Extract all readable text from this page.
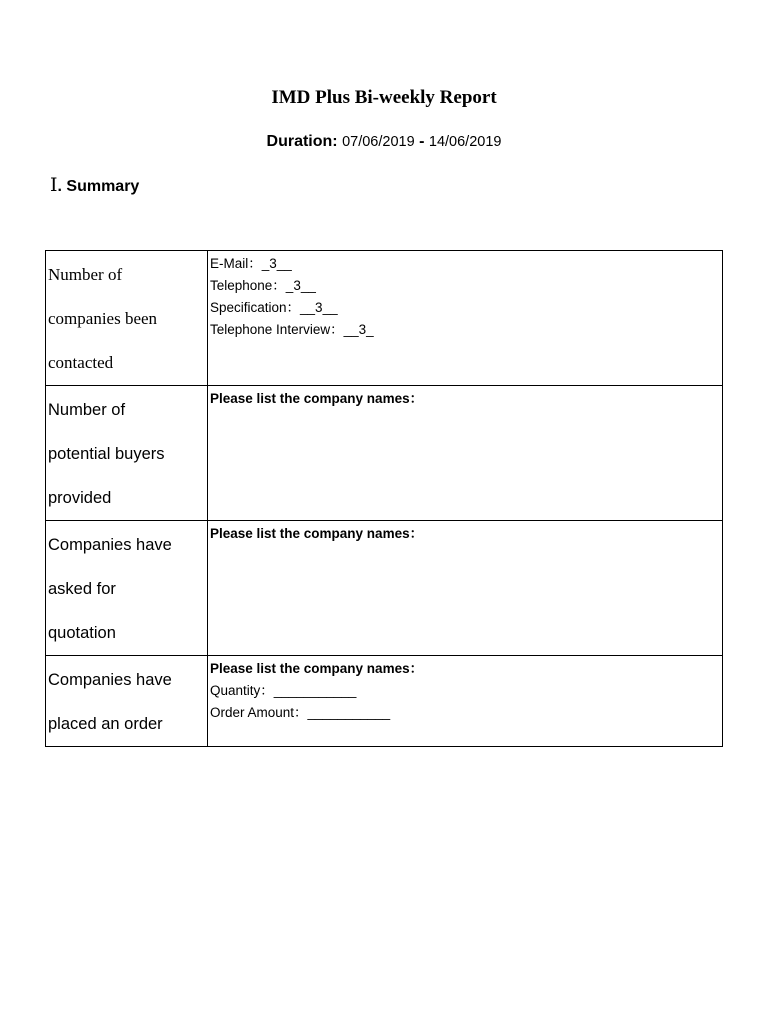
IMD Plus Bi-weekly Report
Duration: 07/06/2019 - 14/06/2019
Ⅰ. Summary
Number of
companies been
contacted	E-Mail：_3__
Telephone：_3__
Specification：__3__
Telephone Interview：__3_

Number of
potential buyers
provided	Please list the company names：

Companies have
asked for
quotation	Please list the company names：

Companies have
placed an order	Please list the company names：
Quantity：___________
Order Amount：___________
